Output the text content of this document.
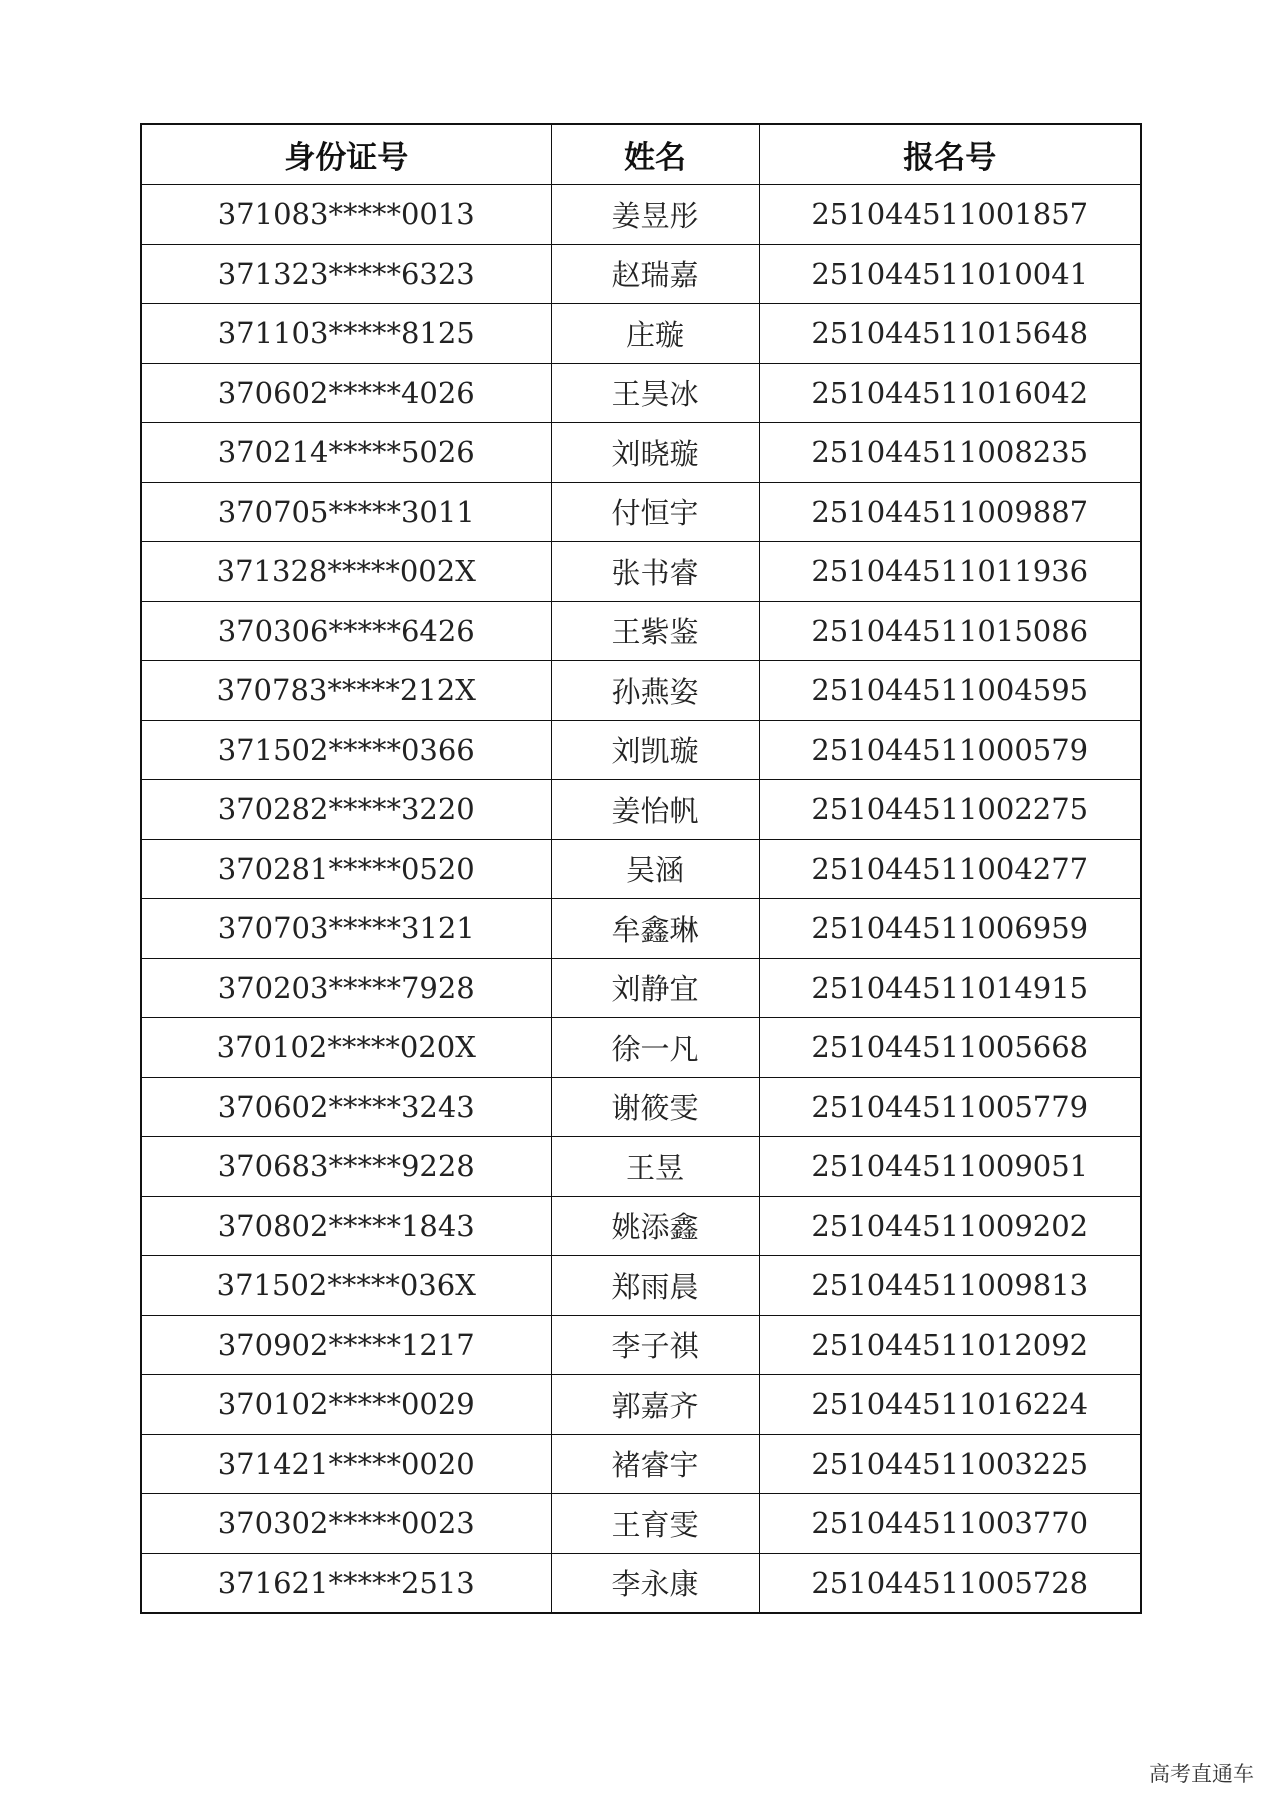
身份证号	姓名	报名号
371083*****0013	姜昱彤	251044511001857
371323*****6323	赵瑞嘉	251044511010041
371103*****8125	庄璇	251044511015648
370602*****4026	王昊冰	251044511016042
370214*****5026	刘晓璇	251044511008235
370705*****3011	付恒宇	251044511009887
371328*****002X	张书睿	251044511011936
370306*****6426	王紫鉴	251044511015086
370783*****212X	孙燕姿	251044511004595
371502*****0366	刘凯璇	251044511000579
370282*****3220	姜怡帆	251044511002275
370281*****0520	吴涵	251044511004277
370703*****3121	牟鑫琳	251044511006959
370203*****7928	刘静宜	251044511014915
370102*****020X	徐一凡	251044511005668
370602*****3243	谢筱雯	251044511005779
370683*****9228	王昱	251044511009051
370802*****1843	姚添鑫	251044511009202
371502*****036X	郑雨晨	251044511009813
370902*****1217	李子祺	251044511012092
370102*****0029	郭嘉齐	251044511016224
371421*****0020	褚睿宇	251044511003225
370302*****0023	王育雯	251044511003770
371621*****2513	李永康	251044511005728
高考直通车
